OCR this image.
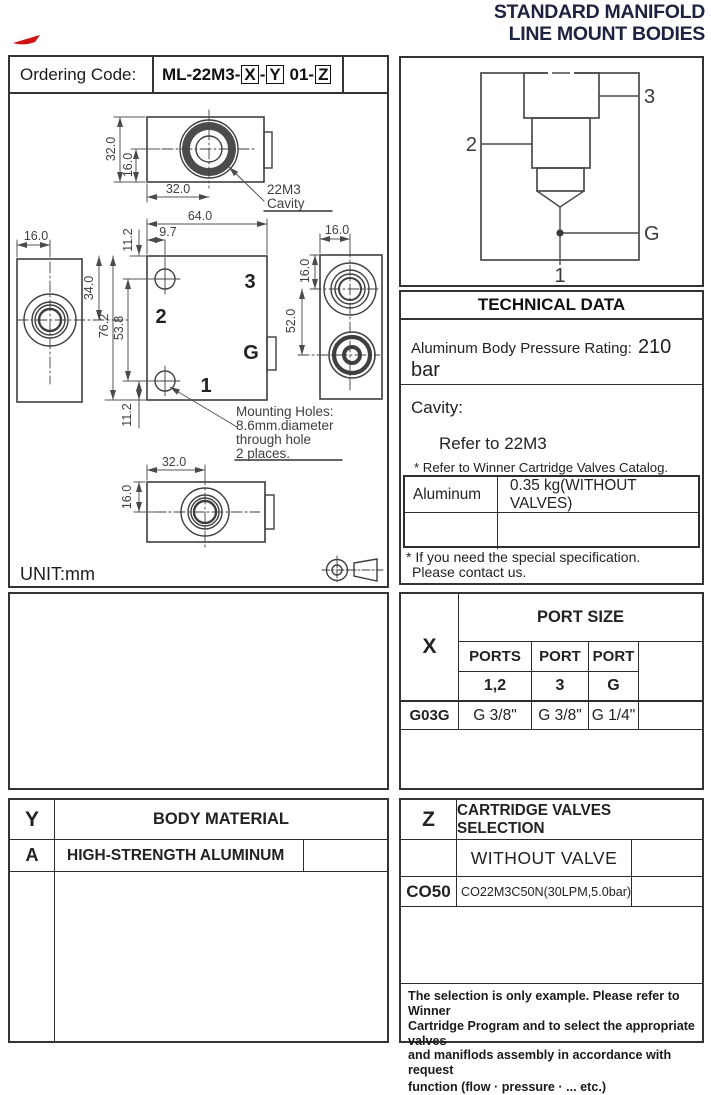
STANDARD MANIFOLD
LINE MOUNT BODIES
Ordering Code:	ML-22M3- X - Y 01- Z
32.0
16.0
32.0	22M3
Cavity
16.0
3
2
G
1
64.0
9.7
11.2
34.0
76.2 53.8
11.2	Mounting Holes:
8.6mm.diameter
through hole
2 places.
16.0
16.0
52.0
32.0
16.0
UNIT:mm
3
2
G
1
TECHNICAL DATA
Aluminum Body Pressure Rating: 210 bar
Cavity:
Refer to 22M3
* Refer to Winner Cartridge Valves Catalog.
Aluminum
0.35 kg(WITHOUT VALVES)
* If you need the special specification.
Please contact us.
X
PORT SIZE
PORTS	PORT PORT
1,2	3	G
G03G	G 3/8"	G 3/8" G 1/4"
Y	BODY MATERIAL
A	HIGH-STRENGTH ALUMINUM
Z	CARTRIDGE VALVES SELECTION
WITHOUT VALVE
CO50 CO22M3C50N(30LPM,5.0bar)
The selection is only example. Please refer to Winner
Cartridge Program and to select the appropriate valves
and maniflods assembly in accordance with request
function (flow · pressure · ... etc.)
